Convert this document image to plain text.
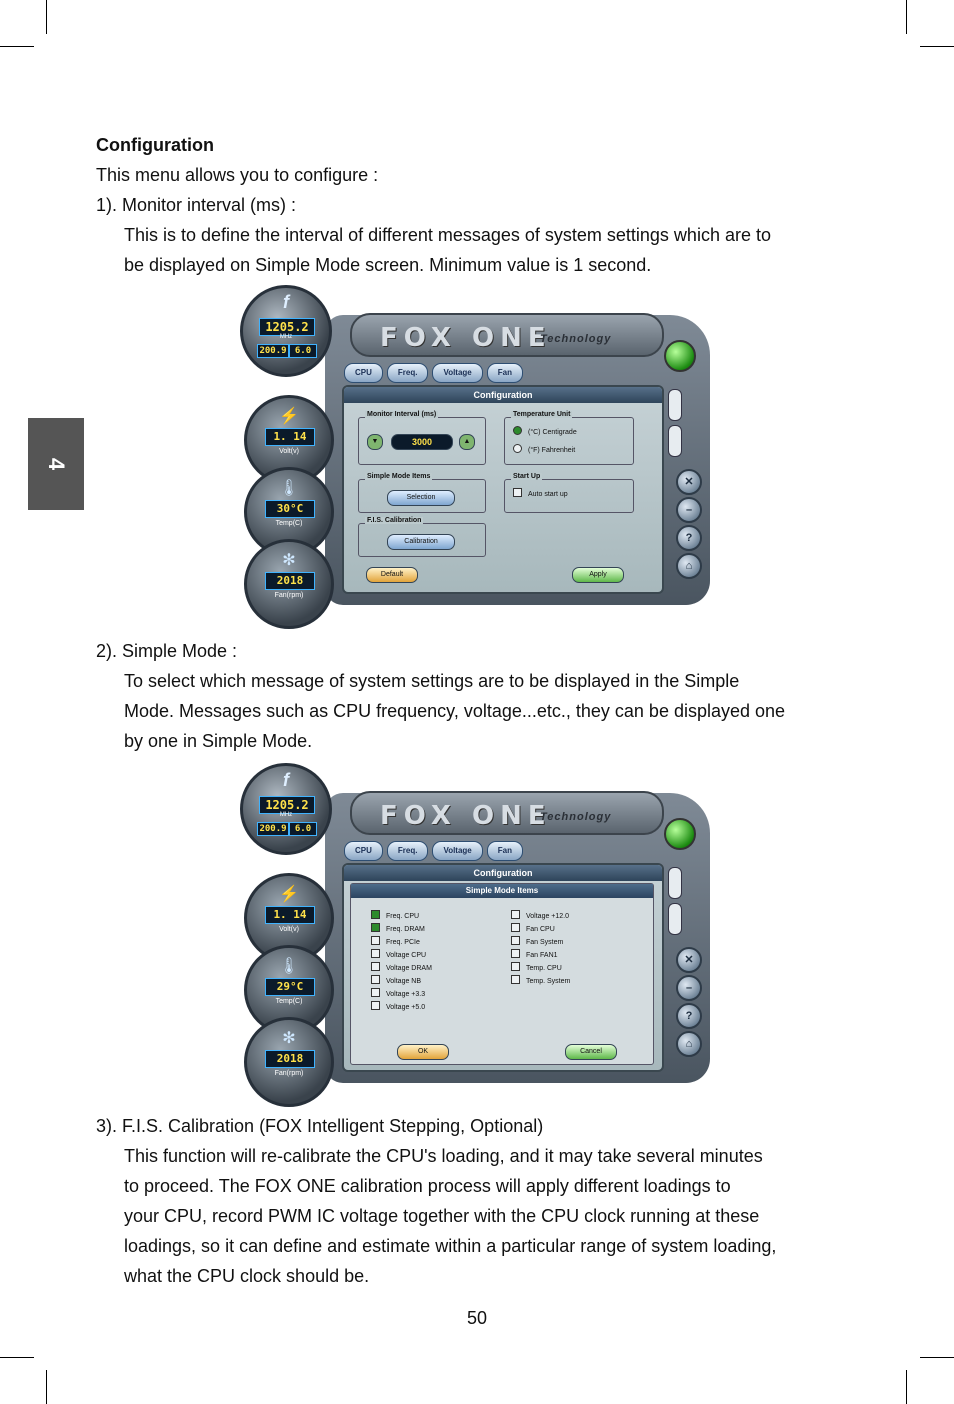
4
Configuration
This menu allows you to configure :
1). Monitor interval (ms) :
This is to define the interval of different messages of system settings which are to
be displayed on Simple Mode screen. Minimum value is 1 second.
FOX ONE
Technology
CPU	Freq.	Voltage	Fan
Configuration
Monitor Interval (ms)
▼	3000	▲
Temperature Unit
(°C) Centigrade
(°F) Fahrenheit
Simple Mode Items
Selection
Start Up
Auto start up
F.I.S. Calibration
Calibration
Default	Apply
f
1205.2
MHz
200.9 6.0
⚡
1. 14
Volt(v)
🌡
30°C
Temp(C)
✻
2018
Fan(rpm)
✕
–
?
⌂
2). Simple Mode :
To select which message of system settings are to be displayed in the Simple
Mode. Messages such as CPU frequency, voltage...etc., they can be displayed one
by one in Simple Mode.
FOX ONE
Technology
CPU	Freq.	Voltage	Fan
Configuration
Simple Mode Items
Freq. CPU
Freq. DRAM
Freq. PCIe
Voltage CPU
Voltage DRAM
Voltage NB
Voltage +3.3
Voltage +5.0
Voltage +12.0
Fan CPU
Fan System
Fan FAN1
Temp. CPU
Temp. System
OK	Cancel
f
1205.2
MHz
200.9 6.0
⚡
1. 14
Volt(v)
🌡
29°C
Temp(C)
✻
2018
Fan(rpm)
✕
–
?
⌂
3). F.I.S. Calibration (FOX Intelligent Stepping, Optional)
This function will re-calibrate the CPU's loading, and it may take several minutes
to proceed. The FOX ONE calibration process will apply different loadings to
your CPU, record PWM IC voltage together with the CPU clock running at these
loadings, so it can define and estimate within a particular range of system loading,
what the CPU clock should be.
50
